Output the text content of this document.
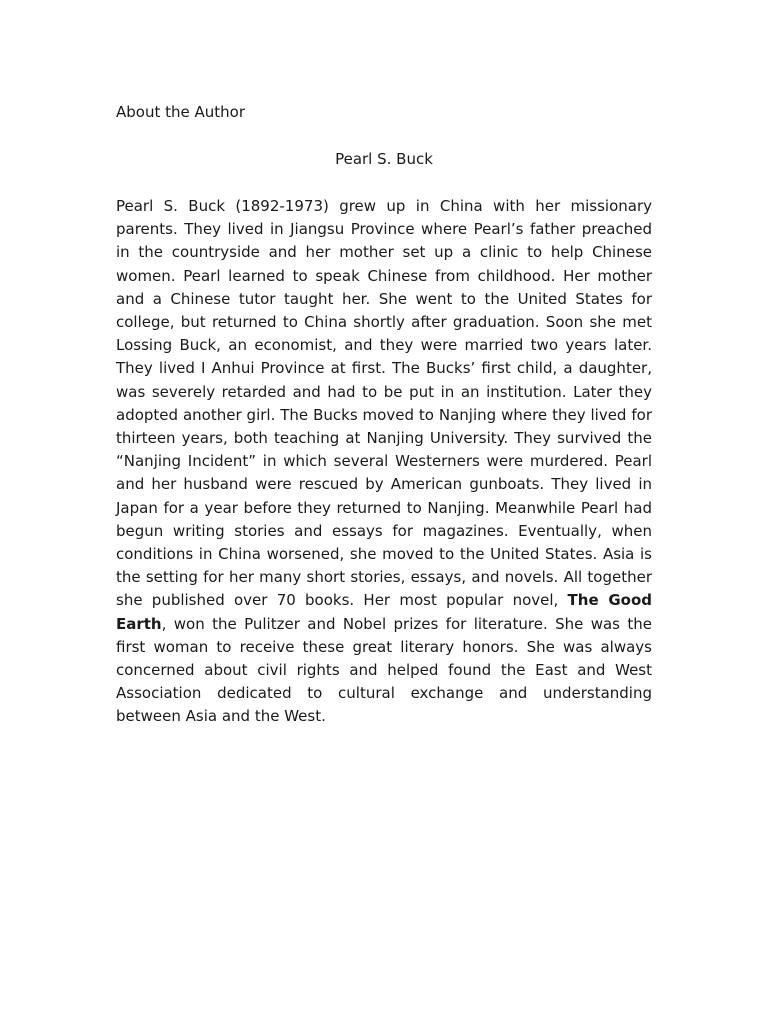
About the Author
Pearl S. Buck

Pearl S. Buck (1892-1973) grew up in China with her missionary parents. They lived in Jiangsu Province where Pearl’s father preached in the countryside and her mother set up a clinic to help Chinese women. Pearl learned to speak Chinese from childhood. Her mother and a Chinese tutor taught her. She went to the United States for college, but returned to China shortly after graduation. Soon she met Lossing Buck, an economist, and they were married two years later. They lived I Anhui Province at first. The Bucks’ first child, a daughter, was severely retarded and had to be put in an institution. Later they adopted another girl. The Bucks moved to Nanjing where they lived for thirteen years, both teaching at Nanjing University. They survived the “Nanjing Incident” in which several Westerners were murdered. Pearl and her husband were rescued by American gunboats. They lived in Japan for a year before they returned to Nanjing. Meanwhile Pearl had begun writing stories and essays for magazines. Eventually, when conditions in China worsened, she moved to the United States. Asia is the setting for her many short stories, essays, and novels. All together she published over 70 books. Her most popular novel, The Good Earth, won the Pulitzer and Nobel prizes for literature. She was the first woman to receive these great literary honors. She was always concerned about civil rights and helped found the East and West Association dedicated to cultural exchange and understanding between Asia and the West.
